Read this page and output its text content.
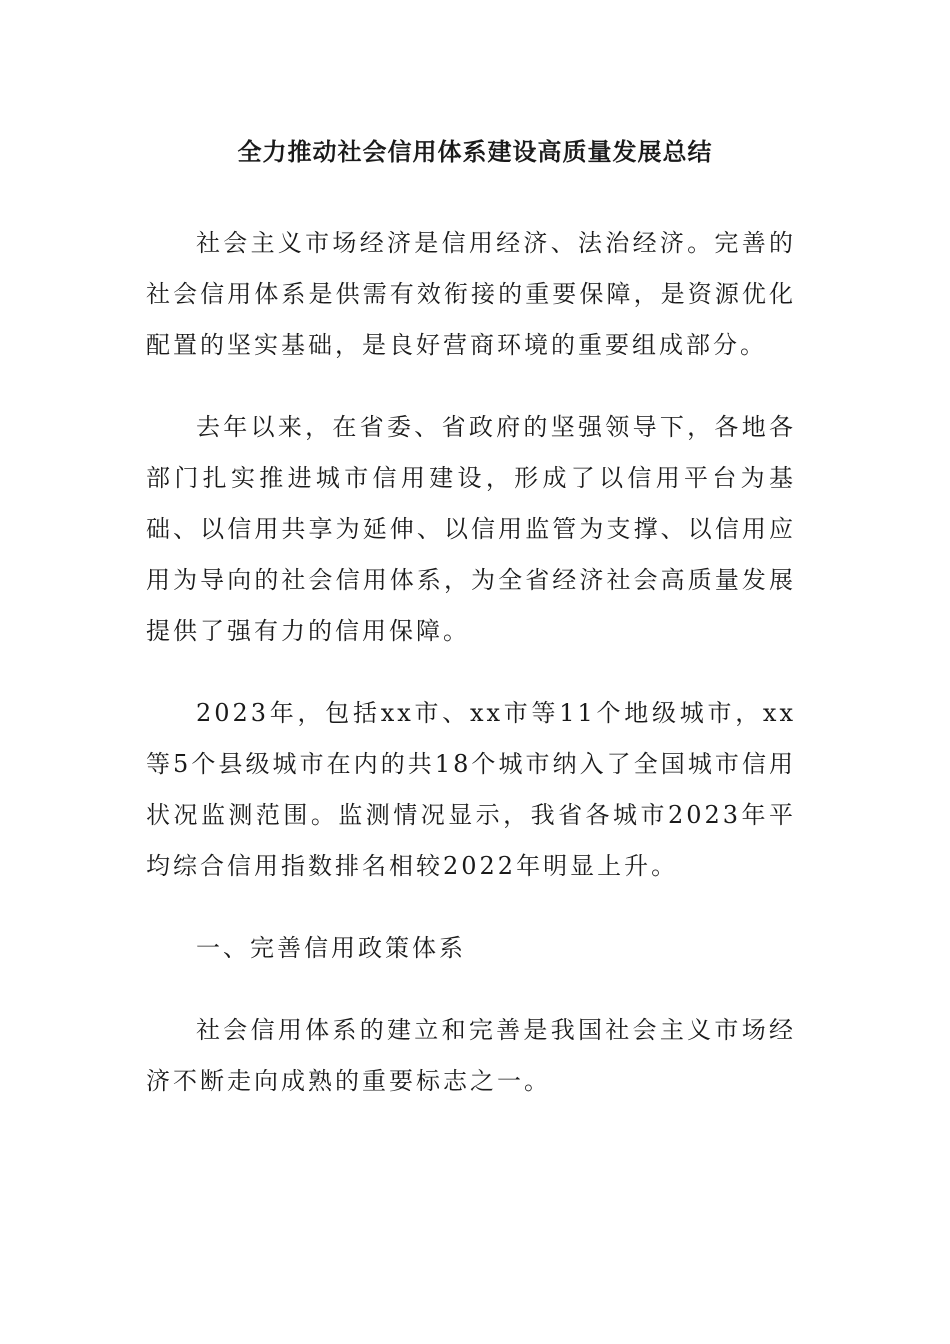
全力推动社会信用体系建设高质量发展总结

社会主义市场经济是信用经济、法治经济。完善的社会信用体系是供需有效衔接的重要保障，是资源优化配置的坚实基础，是良好营商环境的重要组成部分。

去年以来，在省委、省政府的坚强领导下，各地各部门扎实推进城市信用建设，形成了以信用平台为基础、以信用共享为延伸、以信用监管为支撑、以信用应用为导向的社会信用体系，为全省经济社会高质量发展提供了强有力的信用保障。

2023年，包括xx市、xx市等11个地级城市，xx等5个县级城市在内的共18个城市纳入了全国城市信用状况监测范围。监测情况显示，我省各城市2023年平均综合信用指数排名相较2022年明显上升。

一、完善信用政策体系

社会信用体系的建立和完善是我国社会主义市场经济不断走向成熟的重要标志之一。
